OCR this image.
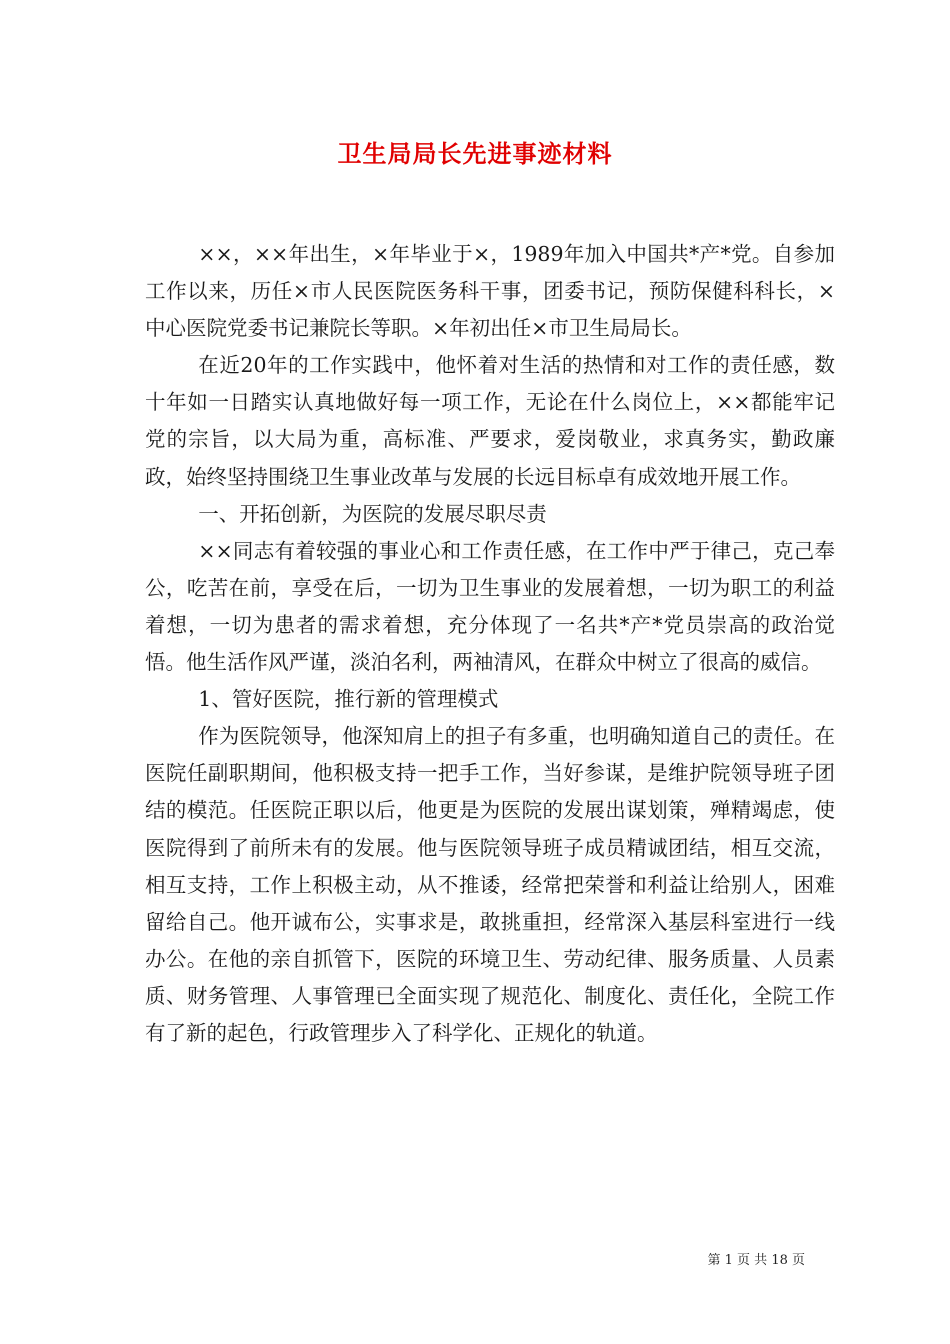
卫生局局长先进事迹材料

××，××年出生，×年毕业于×，1989年加入中国共*产*党。自参加工作以来，历任×市人民医院医务科干事，团委书记，预防保健科科长，×中心医院党委书记兼院长等职。×年初出任×市卫生局局长。

在近20年的工作实践中，他怀着对生活的热情和对工作的责任感，数十年如一日踏实认真地做好每一项工作，无论在什么岗位上，××都能牢记党的宗旨，以大局为重，高标准、严要求，爱岗敬业，求真务实，勤政廉政，始终坚持围绕卫生事业改革与发展的长远目标卓有成效地开展工作。

一、开拓创新，为医院的发展尽职尽责

××同志有着较强的事业心和工作责任感，在工作中严于律己，克己奉公，吃苦在前，享受在后，一切为卫生事业的发展着想，一切为职工的利益着想，一切为患者的需求着想，充分体现了一名共*产*党员崇高的政治觉悟。他生活作风严谨，淡泊名利，两袖清风，在群众中树立了很高的威信。

1、管好医院，推行新的管理模式

作为医院领导，他深知肩上的担子有多重，也明确知道自己的责任。在医院任副职期间，他积极支持一把手工作，当好参谋，是维护院领导班子团结的模范。任医院正职以后，他更是为医院的发展出谋划策，殚精竭虑，使医院得到了前所未有的发展。他与医院领导班子成员精诚团结，相互交流，相互支持，工作上积极主动，从不推诿，经常把荣誉和利益让给别人，困难留给自己。他开诚布公，实事求是，敢挑重担，经常深入基层科室进行一线办公。在他的亲自抓管下，医院的环境卫生、劳动纪律、服务质量、人员素质、财务管理、人事管理已全面实现了规范化、制度化、责任化，全院工作有了新的起色，行政管理步入了科学化、正规化的轨道。

第 1 页 共 18 页
